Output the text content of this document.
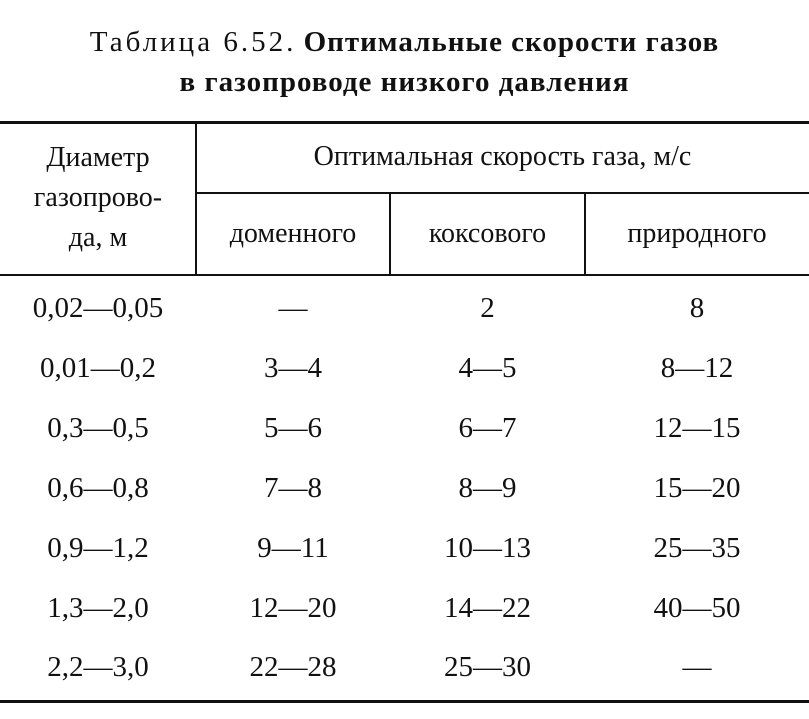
Таблица 6.52. Оптимальные скорости газов
в газопроводе низкого давления
Диаметр
газопрово-
да, м
Оптимальная скорость газа, м/с
доменного	коксового	природного
0,02—0,05	—	2	8
0,01—0,2	3—4	4—5	8—12
0,3—0,5	5—6	6—7	12—15
0,6—0,8	7—8	8—9	15—20
0,9—1,2	9—11	10—13	25—35
1,3—2,0	12—20	14—22	40—50
2,2—3,0	22—28	25—30	—
